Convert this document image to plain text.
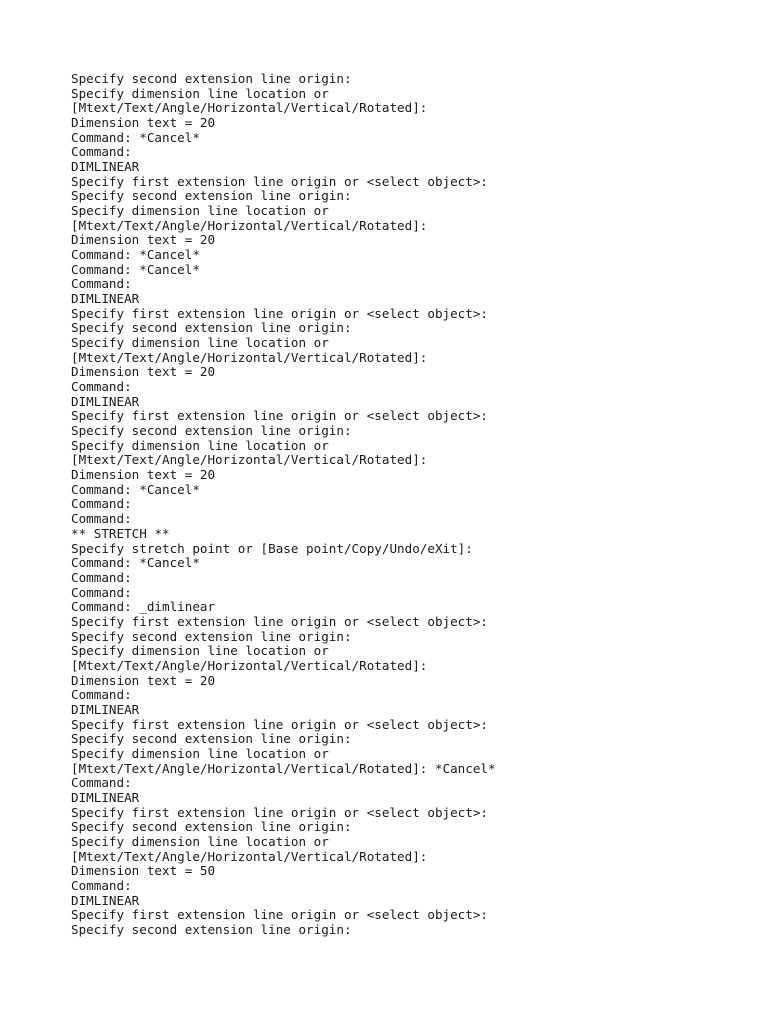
Specify second extension line origin:
Specify dimension line location or
[Mtext/Text/Angle/Horizontal/Vertical/Rotated]:
Dimension text = 20
Command: *Cancel*
Command:
DIMLINEAR
Specify first extension line origin or <select object>:
Specify second extension line origin:
Specify dimension line location or
[Mtext/Text/Angle/Horizontal/Vertical/Rotated]:
Dimension text = 20
Command: *Cancel*
Command: *Cancel*
Command:
DIMLINEAR
Specify first extension line origin or <select object>:
Specify second extension line origin:
Specify dimension line location or
[Mtext/Text/Angle/Horizontal/Vertical/Rotated]:
Dimension text = 20
Command:
DIMLINEAR
Specify first extension line origin or <select object>:
Specify second extension line origin:
Specify dimension line location or
[Mtext/Text/Angle/Horizontal/Vertical/Rotated]:
Dimension text = 20
Command: *Cancel*
Command:
Command:
** STRETCH **
Specify stretch point or [Base point/Copy/Undo/eXit]:
Command: *Cancel*
Command:
Command:
Command: _dimlinear
Specify first extension line origin or <select object>:
Specify second extension line origin:
Specify dimension line location or
[Mtext/Text/Angle/Horizontal/Vertical/Rotated]:
Dimension text = 20
Command:
DIMLINEAR
Specify first extension line origin or <select object>:
Specify second extension line origin:
Specify dimension line location or
[Mtext/Text/Angle/Horizontal/Vertical/Rotated]: *Cancel*
Command:
DIMLINEAR
Specify first extension line origin or <select object>:
Specify second extension line origin:
Specify dimension line location or
[Mtext/Text/Angle/Horizontal/Vertical/Rotated]:
Dimension text = 50
Command:
DIMLINEAR
Specify first extension line origin or <select object>:
Specify second extension line origin:
